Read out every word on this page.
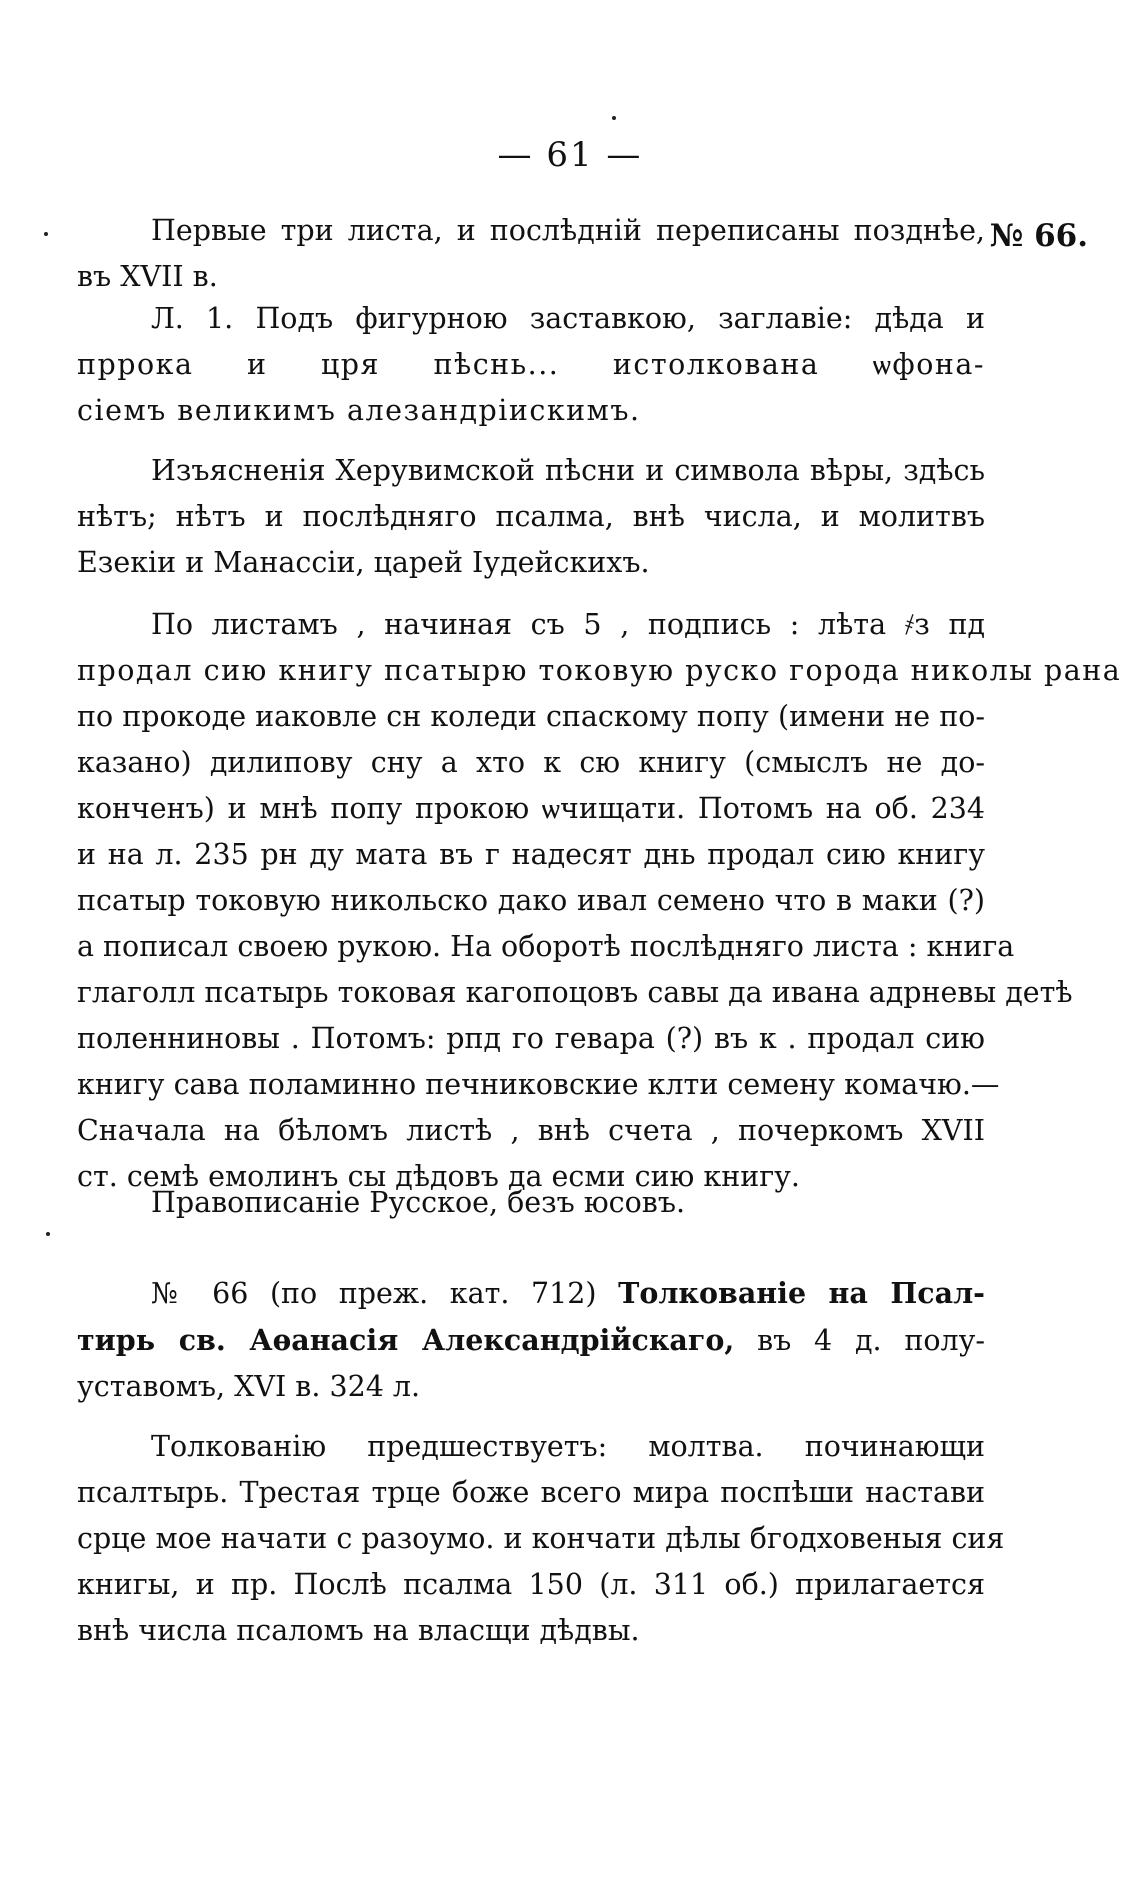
— 61 —
№ 66.
Первые три листа, и послѣднiй переписаны позднѣе,
въ XVII в.
Л. 1. Подъ фигурною заставкою, заглавiе: дѣда и
пррока и цря пѣснь... истолкована ѡфона-
сiемъ великимъ алезандрiискимъ.
Изъясненiя Херувимской пѣсни и символа вѣры, здѣсь
нѣтъ; нѣтъ и послѣдняго псалма, внѣ числа, и молитвъ
Езекiи и Манассiи, царей Iудейскихъ.
По листамъ , начиная съ 5 , подпись : лѣта ҂з пд
продал сию книгу псатырю токовую руско города николы рана
по прокоде иаковле сн коледи спаскому попу (имени не по-
казано) дилипову сну а хто к сю книгу (смыслъ не до-
конченъ) и мнѣ попу прокою ѡчищати. Потомъ на об. 234
и на л. 235 рн ду мата въ г надесят днь продал сию книгу
псатыр токовую никольско дако ивал семено что в маки (?)
а пописал своею рукою. На оборотѣ послѣдняго листа : книга
глаголл псатырь токовая кагопоцовъ савы да ивана адрневы детѣ
поленниновы . Потомъ: рпд го гевара (?) въ к . продал сию
книгу сава поламинно печниковскиe клти семену комачю.—
Сначала на бѣломъ листѣ , внѣ счета , почеркомъ XVII
ст. семѣ емолинъ сы дѣдовъ да есми сию книгу.
Правописанiе Русское, безъ юсовъ.
№ 66 (по преж. кат. 712) Толкованiе на Псал-
тирь св. Аѳанасiя Александрiйскаго, въ 4 д. полу-
уставомъ, XVI в. 324 л.
Толкованiю предшествуетъ: молтва. починающи
псалтырь. Трестая трце боже всего мира поспѣши настави
срце мое начати с разоумо. и кончати дѣлы бгодховеныя сия
книгы, и пр. Послѣ псалма 150 (л. 311 об.) прилагается
внѣ числа псаломъ на власщи дѣдвы.
